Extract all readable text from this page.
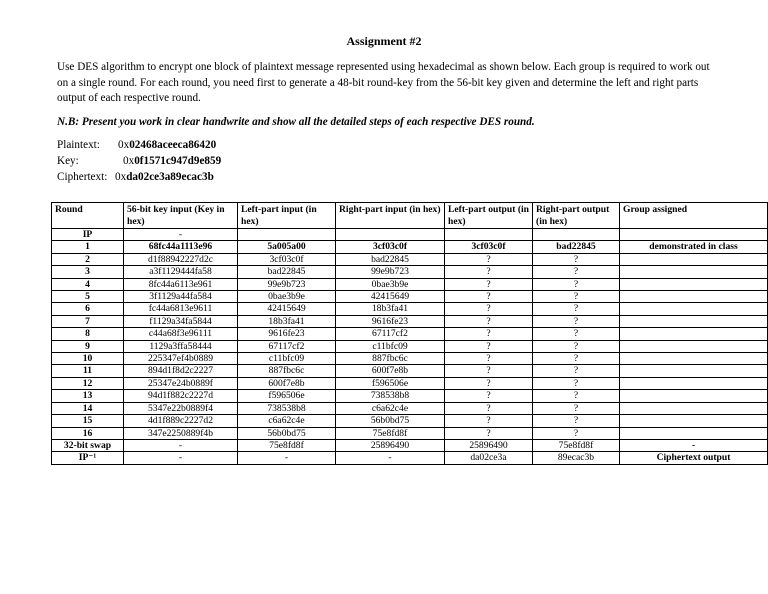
Assignment #2
Use DES algorithm to encrypt one block of plaintext message represented using hexadecimal as shown below. Each group is required to work out on a single round. For each round, you need first to generate a 48-bit round-key from the 56-bit key given and determine the left and right parts output of each respective round.
N.B: Present you work in clear handwrite and show all the detailed steps of each respective DES round.
Plaintext: 0x02468aceeca86420
Key:	0x0f1571c947d9e859
Ciphertext: 0xda02ce3a89ecac3b
Round	56-bit key input (Key in hex)	Left-part input (in hex)	Right-part input (in hex)	Left-part output (in hex)	Right-part output (in hex)	Group assigned
IP	-					
1	68fc44a1113e96	5a005a00	3cf03c0f	3cf03c0f	bad22845	demonstrated in class
2	d1f88942227d2c	3cf03c0f	bad22845	?	?	
3	a3f1129444fa58	bad22845	99e9b723	?	?	
4	8fc44a6113e961	99e9b723	0bae3b9e	?	?	
5	3f1129a44fa584	0bae3b9e	42415649	?	?	
6	fc44a6813e9611	42415649	18b3fa41	?	?	
7	f1129a34fa5844	18b3fa41	9616fe23	?	?	
8	c44a68f3e96111	9616fe23	67117cf2	?	?	
9	1129a3ffa58444	67117cf2	c11bfc09	?	?	
10	225347ef4b0889	c11bfc09	887fbc6c	?	?	
11	894d1f8d2c2227	887fbc6c	600f7e8b	?	?	
12	25347e24b0889f	600f7e8b	f596506e	?	?	
13	94d1f882c2227d	f596506e	738538b8	?	?	
14	5347e22b0889f4	738538b8	c6a62c4e	?	?	
15	4d1f889c2227d2	c6a62c4e	56b0bd75	?	?	
16	347e2250889f4b	56b0bd75	75e8fd8f	?	?	
32-bit swap	-	75e8fd8f	25896490	25896490	75e8fd8f	-
IP⁻¹	-	-	-	da02ce3a	89ecac3b	Ciphertext output
